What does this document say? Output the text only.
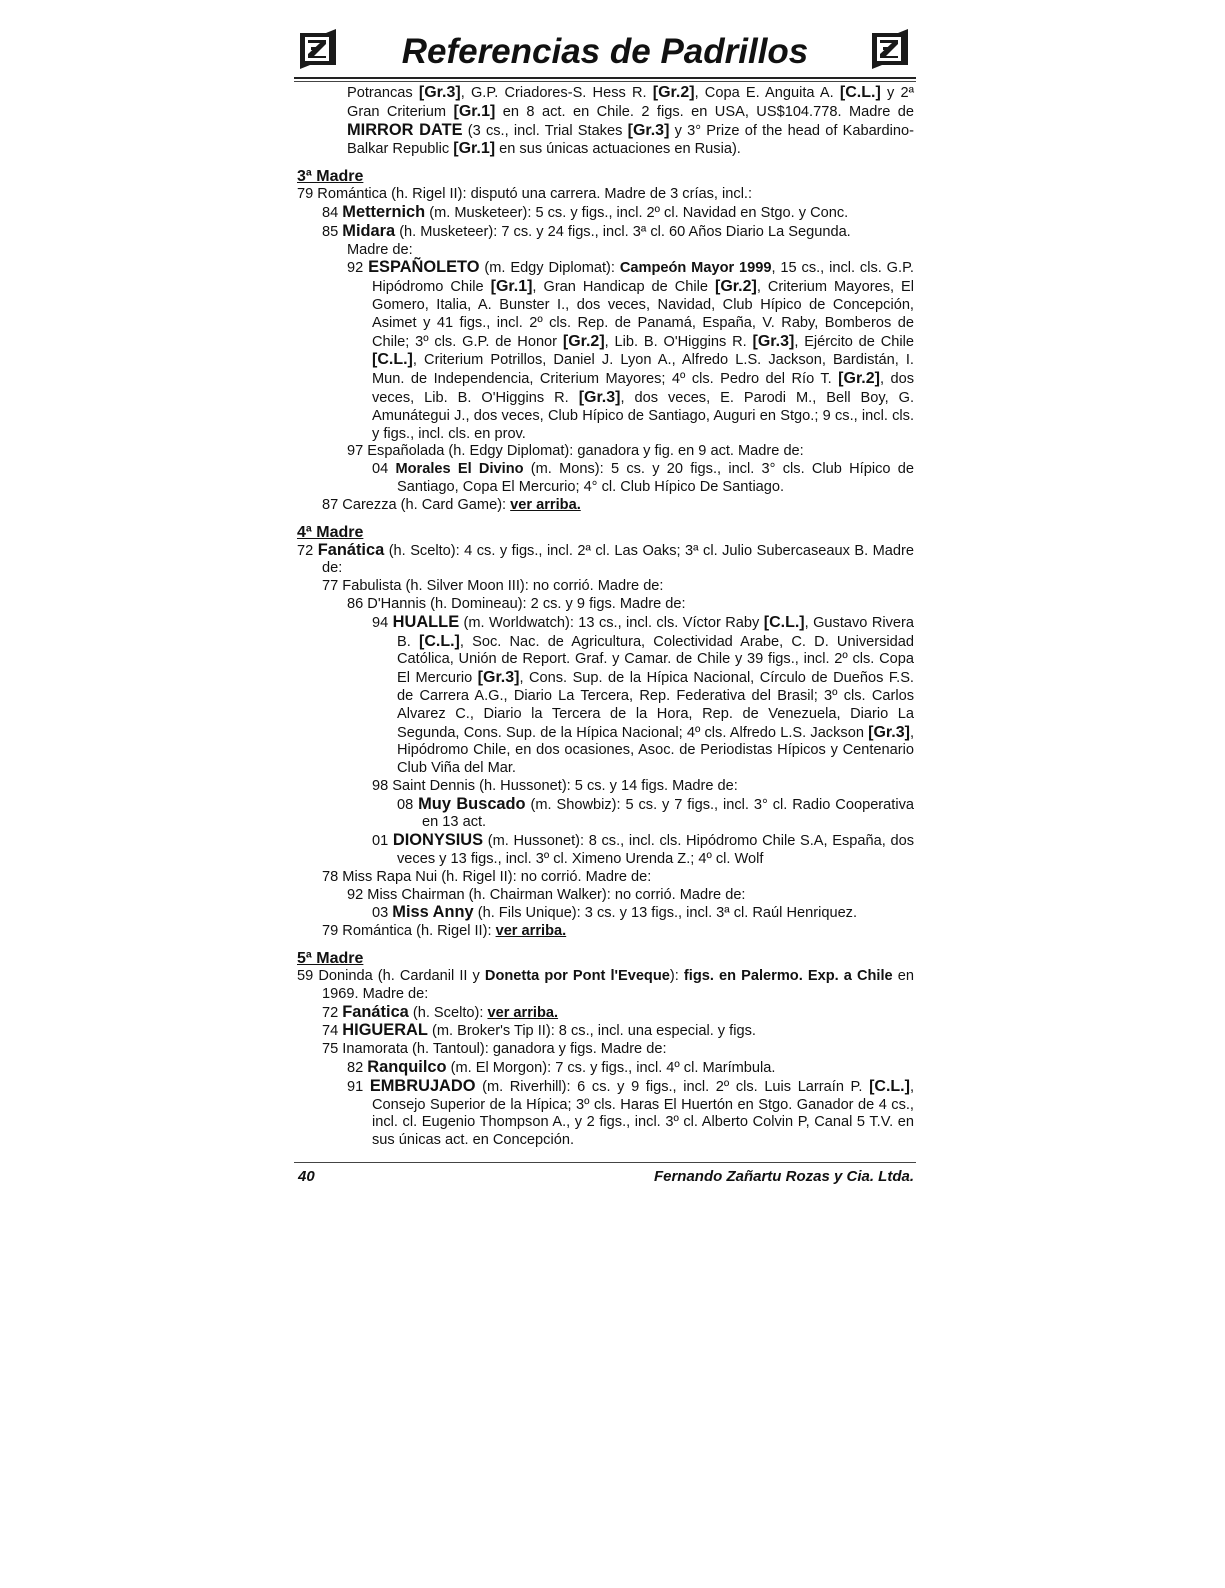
Referencias de Padrillos

Potrancas [Gr.3], G.P. Criadores-S. Hess R. [Gr.2], Copa E. Anguita A. [C.L.] y 2ª Gran Criterium [Gr.1] en 8 act. en Chile. 2 figs. en USA, US$104.778. Madre de MIRROR DATE (3 cs., incl. Trial Stakes [Gr.3] y 3° Prize of the head of Kabardino-Balkar Republic [Gr.1] en sus únicas actuaciones en Rusia).

3ª Madre

79 Romántica (h. Rigel II): disputó una carrera. Madre de 3 crías, incl.:

84 Metternich (m. Musketeer): 5 cs. y figs., incl. 2º cl. Navidad en Stgo. y Conc.

85 Midara (h. Musketeer): 7 cs. y 24 figs., incl. 3ª cl. 60 Años Diario La Segunda.

Madre de:

92 ESPAÑOLETO (m. Edgy Diplomat): Campeón Mayor 1999, 15 cs., incl. cls. G.P. Hipódromo Chile [Gr.1], Gran Handicap de Chile [Gr.2], Criterium Mayores, El Gomero, Italia, A. Bunster I., dos veces, Navidad, Club Hípico de Concepción, Asimet y 41 figs., incl. 2º cls. Rep. de Panamá, España, V. Raby, Bomberos de Chile; 3º cls. G.P. de Honor [Gr.2], Lib. B. O'Higgins R. [Gr.3], Ejército de Chile [C.L.], Criterium Potrillos, Daniel J. Lyon A., Alfredo L.S. Jackson, Bardistán, I. Mun. de Independencia, Criterium Mayores; 4º cls. Pedro del Río T. [Gr.2], dos veces, Lib. B. O'Higgins R. [Gr.3], dos veces, E. Parodi M., Bell Boy, G. Amunátegui J., dos veces, Club Hípico de Santiago, Auguri en Stgo.; 9 cs., incl. cls. y figs., incl. cls. en prov.

97 Españolada (h. Edgy Diplomat): ganadora y fig. en 9 act. Madre de:

04 Morales El Divino (m. Mons): 5 cs. y 20 figs., incl. 3° cls. Club Hípico de Santiago, Copa El Mercurio; 4° cl. Club Hípico De Santiago.

87 Carezza (h. Card Game): ver arriba.

4ª Madre

72 Fanática (h. Scelto): 4 cs. y figs., incl. 2ª cl. Las Oaks; 3ª cl. Julio Subercaseaux B. Madre de:

77 Fabulista (h. Silver Moon III): no corrió. Madre de:

86 D'Hannis (h. Domineau): 2 cs. y 9 figs. Madre de:

94 HUALLE (m. Worldwatch): 13 cs., incl. cls. Víctor Raby [C.L.], Gustavo Rivera B. [C.L.], Soc. Nac. de Agricultura, Colectividad Arabe, C. D. Universidad Católica, Unión de Report. Graf. y Camar. de Chile y 39 figs., incl. 2º cls. Copa El Mercurio [Gr.3], Cons. Sup. de la Hípica Nacional, Círculo de Dueños F.S. de Carrera A.G., Diario La Tercera, Rep. Federativa del Brasil; 3º cls. Carlos Alvarez C., Diario la Tercera de la Hora, Rep. de Venezuela, Diario La Segunda, Cons. Sup. de la Hípica Nacional; 4º cls. Alfredo L.S. Jackson [Gr.3], Hipódromo Chile, en dos ocasiones, Asoc. de Periodistas Hípicos y Centenario Club Viña del Mar.

98 Saint Dennis (h. Hussonet): 5 cs. y 14 figs. Madre de:

08 Muy Buscado (m. Showbiz): 5 cs. y 7 figs., incl. 3° cl. Radio Cooperativa en 13 act.

01 DIONYSIUS (m. Hussonet): 8 cs., incl. cls. Hipódromo Chile S.A, España, dos veces y 13 figs., incl. 3º cl. Ximeno Urenda Z.; 4º cl. Wolf

78 Miss Rapa Nui (h. Rigel II): no corrió. Madre de:

92 Miss Chairman (h. Chairman Walker): no corrió. Madre de:

03 Miss Anny (h. Fils Unique): 3 cs. y 13 figs., incl. 3ª cl. Raúl Henriquez.

79 Romántica (h. Rigel II): ver arriba.

5ª Madre

59 Doninda (h. Cardanil II y Donetta por Pont l'Eveque): figs. en Palermo. Exp. a Chile en 1969. Madre de:

72 Fanática (h. Scelto): ver arriba.

74 HIGUERAL (m. Broker's Tip II): 8 cs., incl. una especial. y figs.

75 Inamorata (h. Tantoul): ganadora y figs. Madre de:

82 Ranquilco (m. El Morgon): 7 cs. y figs., incl. 4º cl. Marímbula.

91 EMBRUJADO (m. Riverhill): 6 cs. y 9 figs., incl. 2º cls. Luis Larraín P. [C.L.], Consejo Superior de la Hípica; 3º cls. Haras El Huertón en Stgo. Ganador de 4 cs., incl. cl. Eugenio Thompson A., y 2 figs., incl. 3º cl. Alberto Colvin P, Canal 5 T.V. en sus únicas act. en Concepción.

40	Fernando Zañartu Rozas y Cia. Ltda.
